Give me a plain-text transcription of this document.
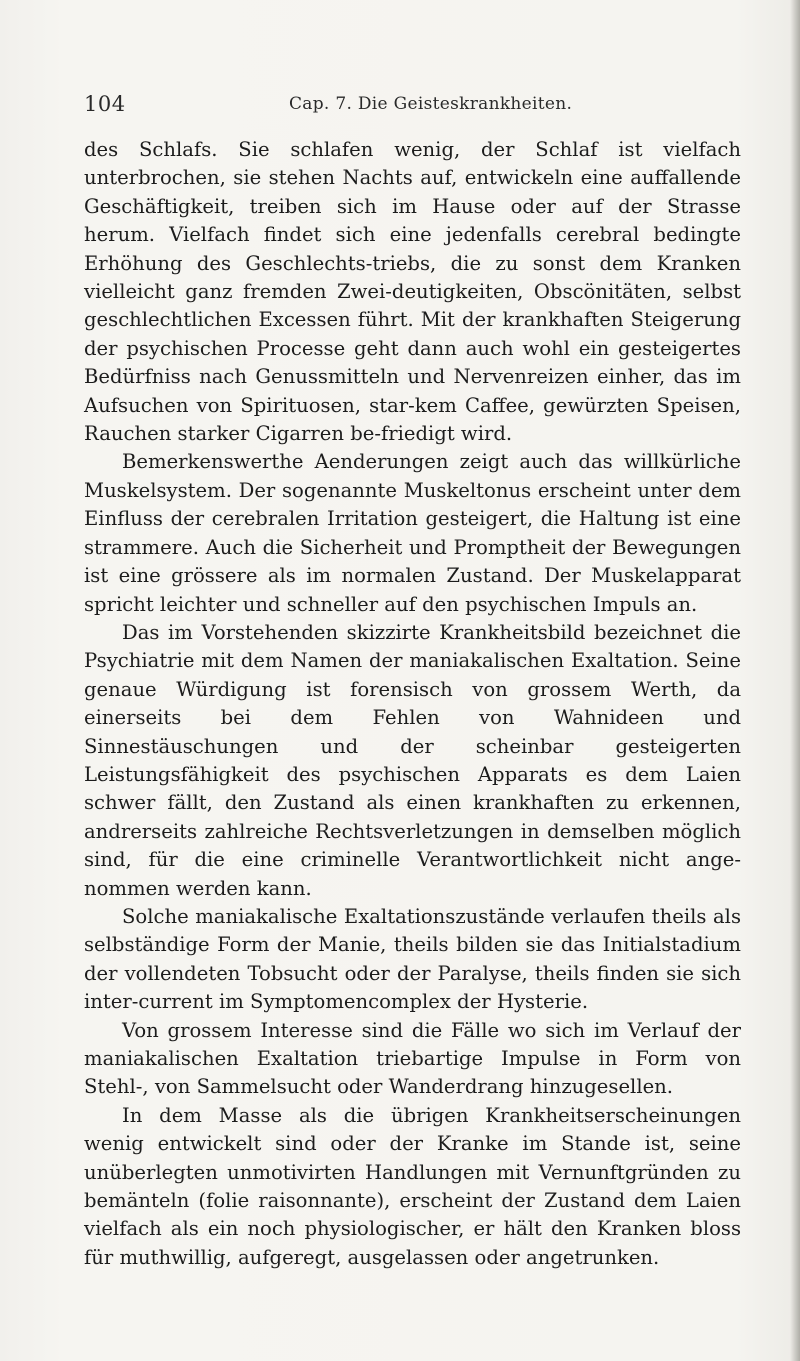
104	Cap. 7. Die Geisteskrankheiten.

des Schlafs. Sie schlafen wenig, der Schlaf ist vielfach unterbrochen, sie stehen Nachts auf, entwickeln eine auffallende Geschäftigkeit, treiben sich im Hause oder auf der Strasse herum. Vielfach findet sich eine jedenfalls cerebral bedingte Erhöhung des Geschlechts-triebs, die zu sonst dem Kranken vielleicht ganz fremden Zwei-deutigkeiten, Obscönitäten, selbst geschlechtlichen Excessen führt. Mit der krankhaften Steigerung der psychischen Processe geht dann auch wohl ein gesteigertes Bedürfniss nach Genussmitteln und Nervenreizen einher, das im Aufsuchen von Spirituosen, star-kem Caffee, gewürzten Speisen, Rauchen starker Cigarren be-friedigt wird.

Bemerkenswerthe Aenderungen zeigt auch das willkürliche Muskelsystem. Der sogenannte Muskeltonus erscheint unter dem Einfluss der cerebralen Irritation gesteigert, die Haltung ist eine strammere. Auch die Sicherheit und Promptheit der Bewegungen ist eine grössere als im normalen Zustand. Der Muskelapparat spricht leichter und schneller auf den psychischen Impuls an.

Das im Vorstehenden skizzirte Krankheitsbild bezeichnet die Psychiatrie mit dem Namen der maniakalischen Exaltation. Seine genaue Würdigung ist forensisch von grossem Werth, da einerseits bei dem Fehlen von Wahnideen und Sinnestäuschungen und der scheinbar gesteigerten Leistungsfähigkeit des psychischen Apparats es dem Laien schwer fällt, den Zustand als einen krankhaften zu erkennen, andrerseits zahlreiche Rechtsverletzungen in demselben möglich sind, für die eine criminelle Verantwortlichkeit nicht ange-nommen werden kann.

Solche maniakalische Exaltationszustände verlaufen theils als selbständige Form der Manie, theils bilden sie das Initialstadium der vollendeten Tobsucht oder der Paralyse, theils finden sie sich inter-current im Symptomencomplex der Hysterie.

Von grossem Interesse sind die Fälle wo sich im Verlauf der maniakalischen Exaltation triebartige Impulse in Form von Stehl-, von Sammelsucht oder Wanderdrang hinzugesellen.

In dem Masse als die übrigen Krankheitserscheinungen wenig entwickelt sind oder der Kranke im Stande ist, seine unüberlegten unmotivirten Handlungen mit Vernunftgründen zu bemänteln (folie raisonnante), erscheint der Zustand dem Laien vielfach als ein noch physiologischer, er hält den Kranken bloss für muthwillig, aufgeregt, ausgelassen oder angetrunken.
